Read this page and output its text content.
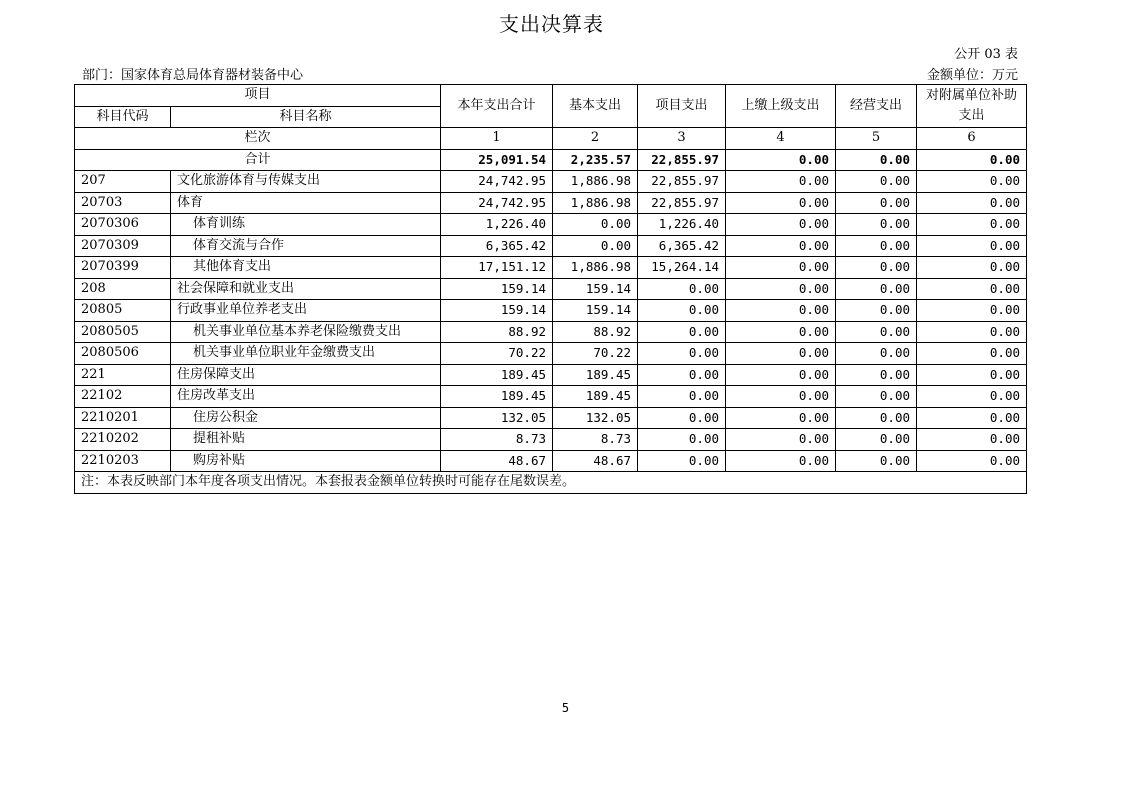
支出决算表
公开 03 表
部门：国家体育总局体育器材装备中心	金额单位：万元
项目		本年支出合计	基本支出	项目支出	上缴上级支出	经营支出	对附属单位补助支出
科目代码	科目名称						
栏次		1	2	3	4	5	6
合计		25,091.54	2,235.57	22,855.97	0.00	0.00	0.00
207	文化旅游体育与传媒支出	24,742.95	1,886.98	22,855.97	0.00	0.00	0.00
20703	体育	24,742.95	1,886.98	22,855.97	0.00	0.00	0.00
2070306	体育训练	1,226.40	0.00	1,226.40	0.00	0.00	0.00
2070309	体育交流与合作	6,365.42	0.00	6,365.42	0.00	0.00	0.00
2070399	其他体育支出	17,151.12	1,886.98	15,264.14	0.00	0.00	0.00
208	社会保障和就业支出	159.14	159.14	0.00	0.00	0.00	0.00
20805	行政事业单位养老支出	159.14	159.14	0.00	0.00	0.00	0.00
2080505	机关事业单位基本养老保险缴费支出	88.92	88.92	0.00	0.00	0.00	0.00
2080506	机关事业单位职业年金缴费支出	70.22	70.22	0.00	0.00	0.00	0.00
221	住房保障支出	189.45	189.45	0.00	0.00	0.00	0.00
22102	住房改革支出	189.45	189.45	0.00	0.00	0.00	0.00
2210201	住房公积金	132.05	132.05	0.00	0.00	0.00	0.00
2210202	提租补贴	8.73	8.73	0.00	0.00	0.00	0.00
2210203	购房补贴	48.67	48.67	0.00	0.00	0.00	0.00
注：本表反映部门本年度各项支出情况。本套报表金额单位转换时可能存在尾数误差。							
5
